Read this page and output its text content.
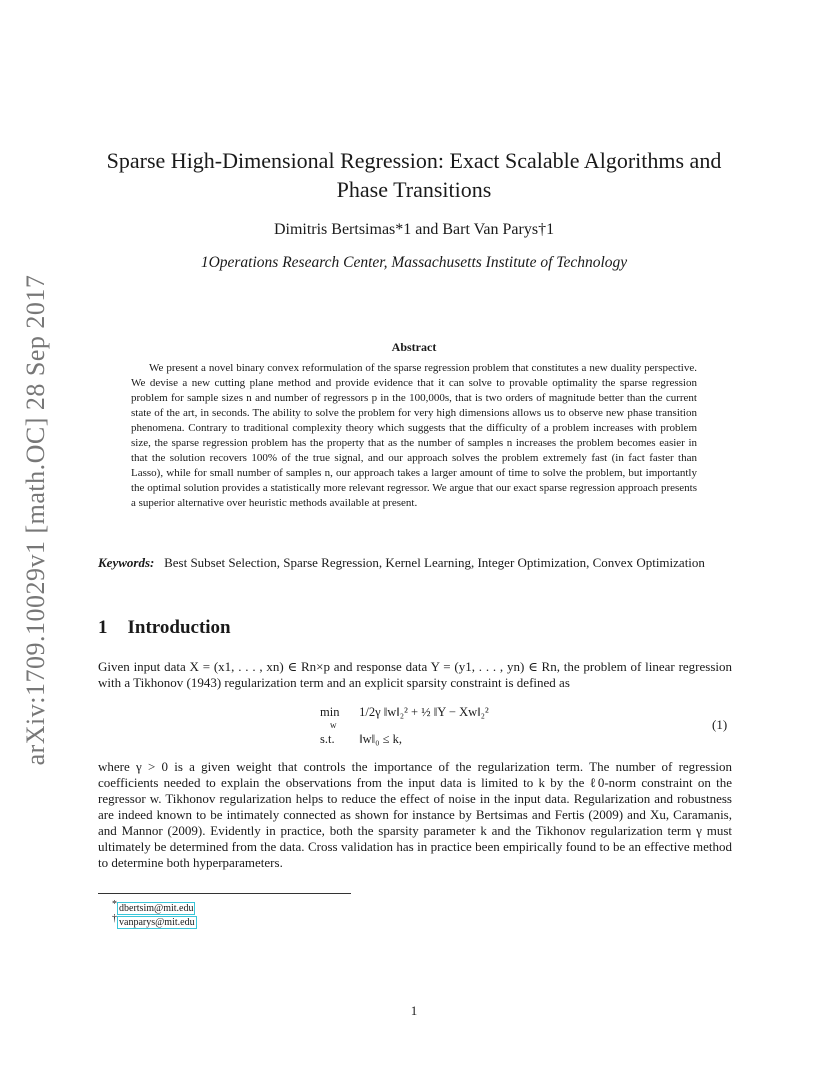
arXiv:1709.10029v1 [math.OC] 28 Sep 2017
Sparse High-Dimensional Regression: Exact Scalable Algorithms and Phase Transitions
Dimitris Bertsimas*1 and Bart Van Parys†1
1Operations Research Center, Massachusetts Institute of Technology
Abstract

We present a novel binary convex reformulation of the sparse regression problem that constitutes a new duality perspective. We devise a new cutting plane method and provide evidence that it can solve to provable optimality the sparse regression problem for sample sizes n and number of regressors p in the 100,000s, that is two orders of magnitude better than the current state of the art, in seconds. The ability to solve the problem for very high dimensions allows us to observe new phase transition phenomena. Contrary to traditional complexity theory which suggests that the difficulty of a problem increases with problem size, the sparse regression problem has the property that as the number of samples n increases the problem becomes easier in that the solution recovers 100% of the true signal, and our approach solves the problem extremely fast (in fact faster than Lasso), while for small number of samples n, our approach takes a larger amount of time to solve the problem, but importantly the optimal solution provides a statistically more relevant regressor. We argue that our exact sparse regression approach presents a superior alternative over heuristic methods available at present.

Keywords: Best Subset Selection, Sparse Regression, Kernel Learning, Integer Optimization, Convex Optimization

1 Introduction

Given input data X = (x1, . . . , xn) ∈ Rn×p and response data Y = (y1, . . . , yn) ∈ Rn, the problem of linear regression with a Tikhonov (1943) regularization term and an explicit sparsity constraint is defined as

min 1/2γ ‖w‖₂² + ½ ‖Y − Xw‖₂²
w
s.t. ‖w‖₀ ≤ k,
(1)

where γ > 0 is a given weight that controls the importance of the regularization term. The number of regression coefficients needed to explain the observations from the input data is limited to k by the ℓ0-norm constraint on the regressor w. Tikhonov regularization helps to reduce the effect of noise in the input data. Regularization and robustness are indeed known to be intimately connected as shown for instance by Bertsimas and Fertis (2009) and Xu, Caramanis, and Mannor (2009). Evidently in practice, both the sparsity parameter k and the Tikhonov regularization term γ must ultimately be determined from the data. Cross validation has in practice been empirically found to be an effective method to determine both hyperparameters.

* dbertsim@mit.edu
† vanparys@mit.edu
1
